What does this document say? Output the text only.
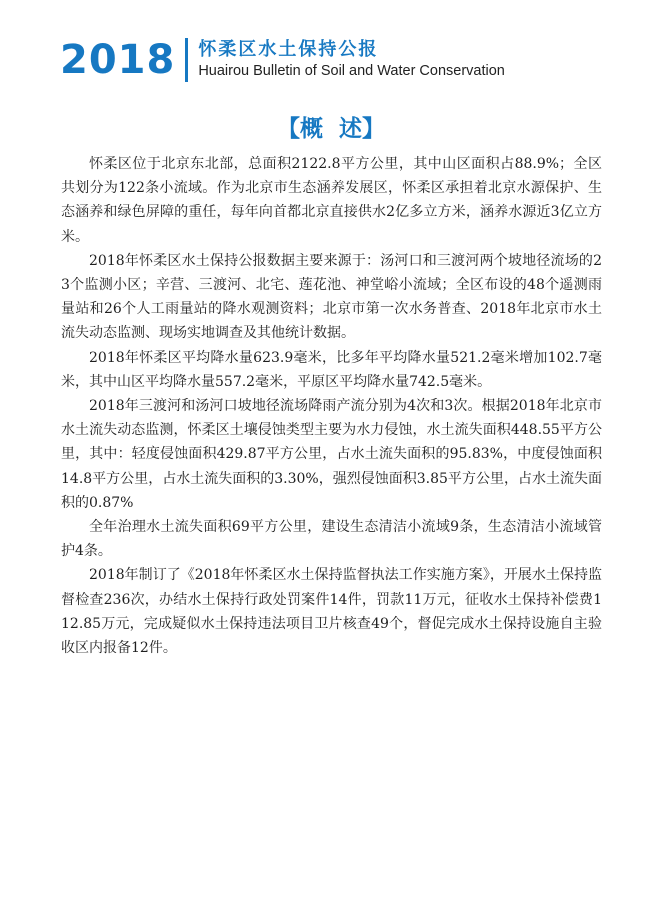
2018 怀柔区水土保持公报
Huairou Bulletin of Soil and Water Conservation
【概  述】

怀柔区位于北京东北部，总面积2122.8平方公里，其中山区面积占88.9%；全区共划分为122条小流域。作为北京市生态涵养发展区，怀柔区承担着北京水源保护、生态涵养和绿色屏障的重任，每年向首都北京直接供水2亿多立方米，涵养水源近3亿立方米。

2018年怀柔区水土保持公报数据主要来源于：汤河口和三渡河两个坡地径流场的23个监测小区；辛营、三渡河、北宅、莲花池、神堂峪小流域；全区布设的48个遥测雨量站和26个人工雨量站的降水观测资料；北京市第一次水务普查、2018年北京市水土流失动态监测、现场实地调查及其他统计数据。

2018年怀柔区平均降水量623.9毫米，比多年平均降水量521.2毫米增加102.7毫米，其中山区平均降水量557.2毫米，平原区平均降水量742.5毫米。

2018年三渡河和汤河口坡地径流场降雨产流分别为4次和3次。根据2018年北京市水土流失动态监测，怀柔区土壤侵蚀类型主要为水力侵蚀，水土流失面积448.55平方公里，其中：轻度侵蚀面积429.87平方公里，占水土流失面积的95.83%，中度侵蚀面积14.8平方公里，占水土流失面积的3.30%，强烈侵蚀面积3.85平方公里，占水土流失面积的0.87%

全年治理水土流失面积69平方公里，建设生态清洁小流域9条，生态清洁小流域管护4条。

2018年制订了《2018年怀柔区水土保持监督执法工作实施方案》，开展水土保持监督检查236次，办结水土保持行政处罚案件14件，罚款11万元，征收水土保持补偿费112.85万元，完成疑似水土保持违法项目卫片核查49个，督促完成水土保持设施自主验收区内报备12件。
